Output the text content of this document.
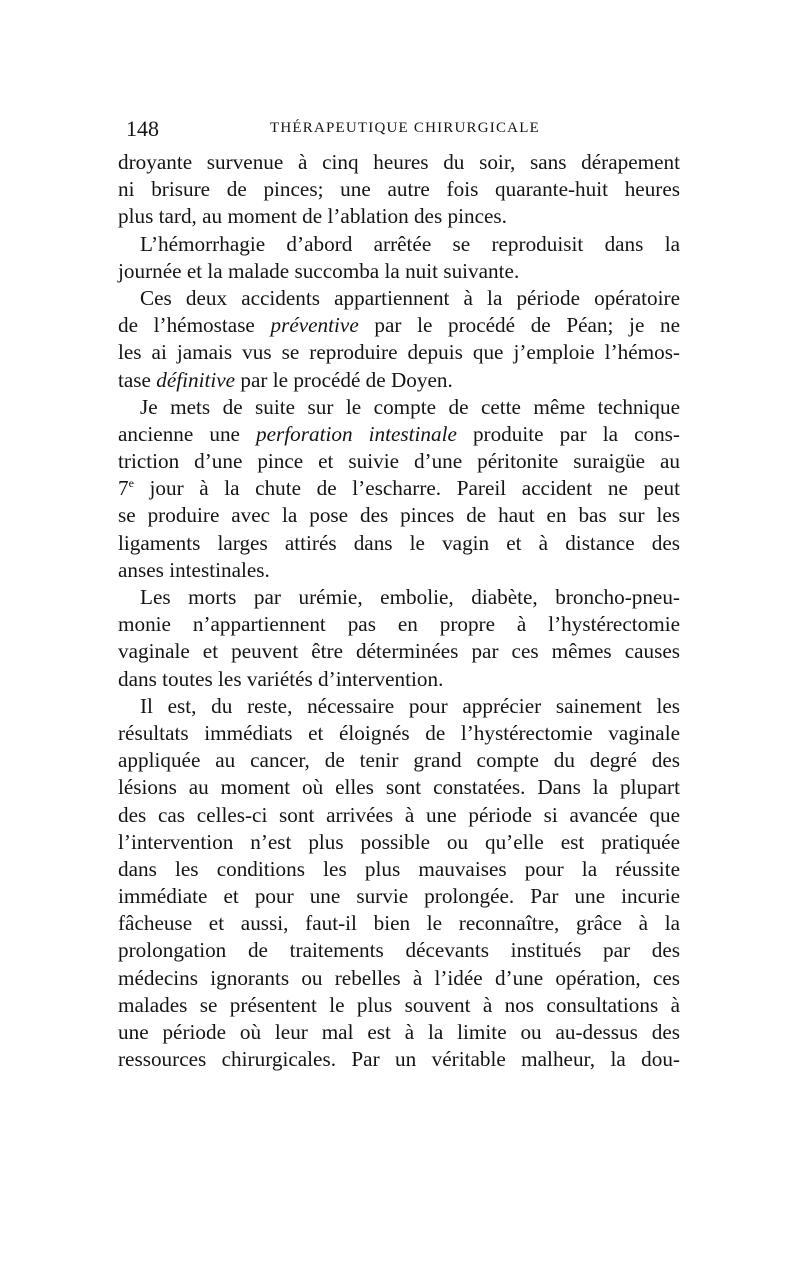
148	THÉRAPEUTIQUE CHIRURGICALE
droyante survenue à cinq heures du soir, sans dérapement
ni brisure de pinces; une autre fois quarante-huit heures
plus tard, au moment de l’ablation des pinces.
L’hémorrhagie d’abord arrêtée se reproduisit dans la
journée et la malade succomba la nuit suivante.
Ces deux accidents appartiennent à la période opératoire
de l’hémostase préventive par le procédé de Péan; je ne
les ai jamais vus se reproduire depuis que j’emploie l’hémos-
tase définitive par le procédé de Doyen.
Je mets de suite sur le compte de cette même technique
ancienne une perforation intestinale produite par la cons-
triction d’une pince et suivie d’une péritonite suraigüe au
7e jour à la chute de l’escharre. Pareil accident ne peut
se produire avec la pose des pinces de haut en bas sur les
ligaments larges attirés dans le vagin et à distance des
anses intestinales.
Les morts par urémie, embolie, diabète, broncho-pneu-
monie n’appartiennent pas en propre à l’hystérectomie
vaginale et peuvent être déterminées par ces mêmes causes
dans toutes les variétés d’intervention.
Il est, du reste, nécessaire pour apprécier sainement les
résultats immédiats et éloignés de l’hystérectomie vaginale
appliquée au cancer, de tenir grand compte du degré des
lésions au moment où elles sont constatées. Dans la plupart
des cas celles-ci sont arrivées à une période si avancée que
l’intervention n’est plus possible ou qu’elle est pratiquée
dans les conditions les plus mauvaises pour la réussite
immédiate et pour une survie prolongée. Par une incurie
fâcheuse et aussi, faut-il bien le reconnaître, grâce à la
prolongation de traitements décevants institués par des
médecins ignorants ou rebelles à l’idée d’une opération, ces
malades se présentent le plus souvent à nos consultations à
une période où leur mal est à la limite ou au-dessus des
ressources chirurgicales. Par un véritable malheur, la dou-
